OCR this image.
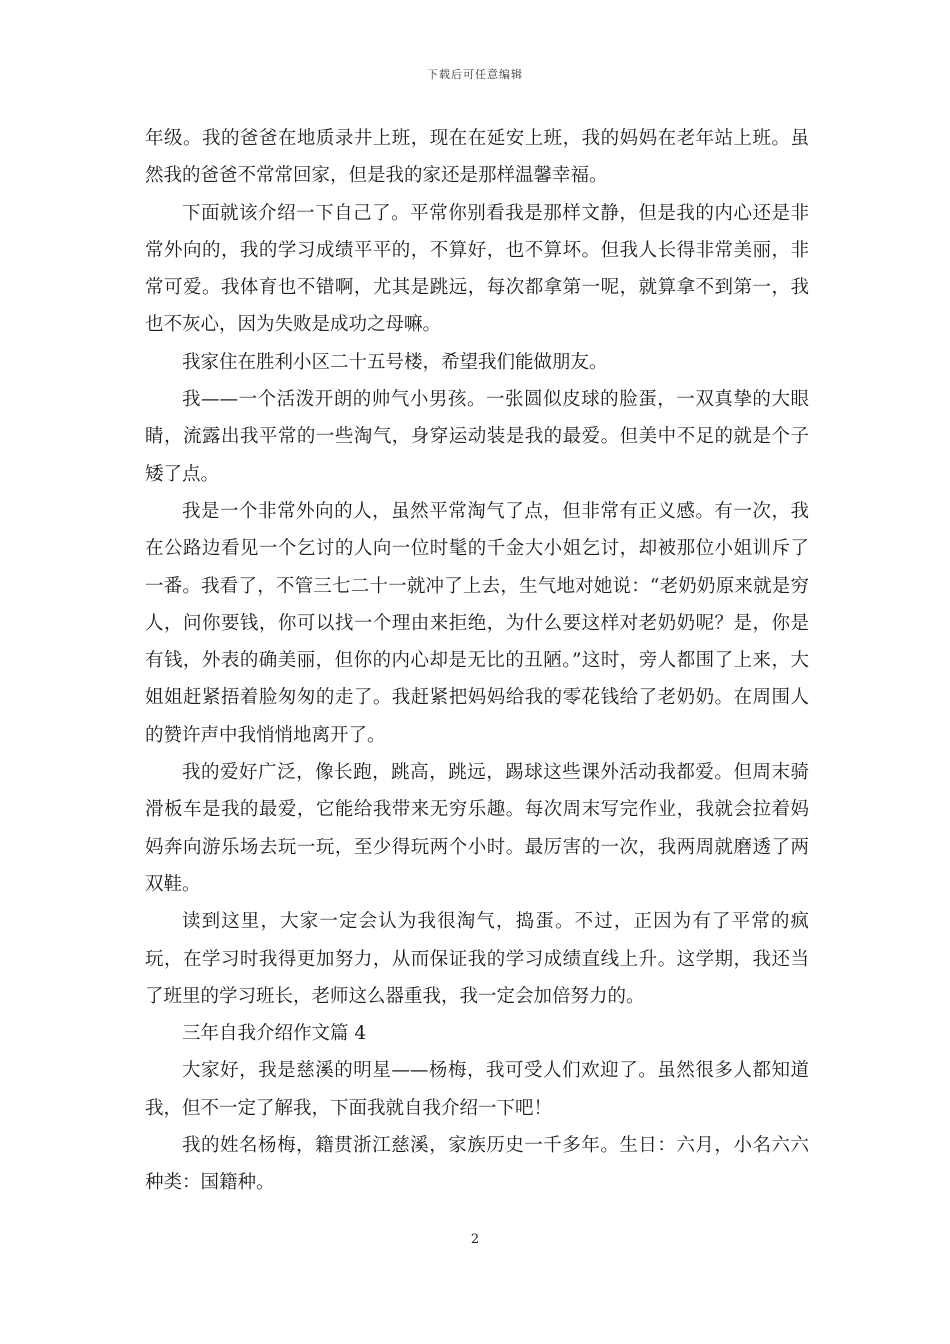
下载后可任意编辑

年级。我的爸爸在地质录井上班，现在在延安上班，我的妈妈在老年站上班。虽然我的爸爸不常常回家，但是我的家还是那样温馨幸福。

下面就该介绍一下自己了。平常你别看我是那样文静，但是我的内心还是非常外向的，我的学习成绩平平的，不算好，也不算坏。但我人长得非常美丽，非常可爱。我体育也不错啊，尤其是跳远，每次都拿第一呢，就算拿不到第一，我也不灰心，因为失败是成功之母嘛。

我家住在胜利小区二十五号楼，希望我们能做朋友。

我——一个活泼开朗的帅气小男孩。一张圆似皮球的脸蛋，一双真挚的大眼睛，流露出我平常的一些淘气，身穿运动装是我的最爱。但美中不足的就是个子矮了点。

我是一个非常外向的人，虽然平常淘气了点，但非常有正义感。有一次，我在公路边看见一个乞讨的人向一位时髦的千金大小姐乞讨，却被那位小姐训斥了一番。我看了，不管三七二十一就冲了上去，生气地对她说：“老奶奶原来就是穷人，问你要钱，你可以找一个理由来拒绝，为什么要这样对老奶奶呢？是，你是有钱，外表的确美丽，但你的内心却是无比的丑陋。”这时，旁人都围了上来，大姐姐赶紧捂着脸匆匆的走了。我赶紧把妈妈给我的零花钱给了老奶奶。在周围人的赞许声中我悄悄地离开了。

我的爱好广泛，像长跑，跳高，跳远，踢球这些课外活动我都爱。但周末骑滑板车是我的最爱，它能给我带来无穷乐趣。每次周末写完作业，我就会拉着妈妈奔向游乐场去玩一玩，至少得玩两个小时。最厉害的一次，我两周就磨透了两双鞋。

读到这里，大家一定会认为我很淘气，捣蛋。不过，正因为有了平常的疯玩，在学习时我得更加努力，从而保证我的学习成绩直线上升。这学期，我还当了班里的学习班长，老师这么器重我，我一定会加倍努力的。

三年自我介绍作文篇 4

大家好，我是慈溪的明星——杨梅，我可受人们欢迎了。虽然很多人都知道我，但不一定了解我，下面我就自我介绍一下吧！

我的姓名杨梅，籍贯浙江慈溪，家族历史一千多年。生日：六月，小名六六种类：国籍种。

2
